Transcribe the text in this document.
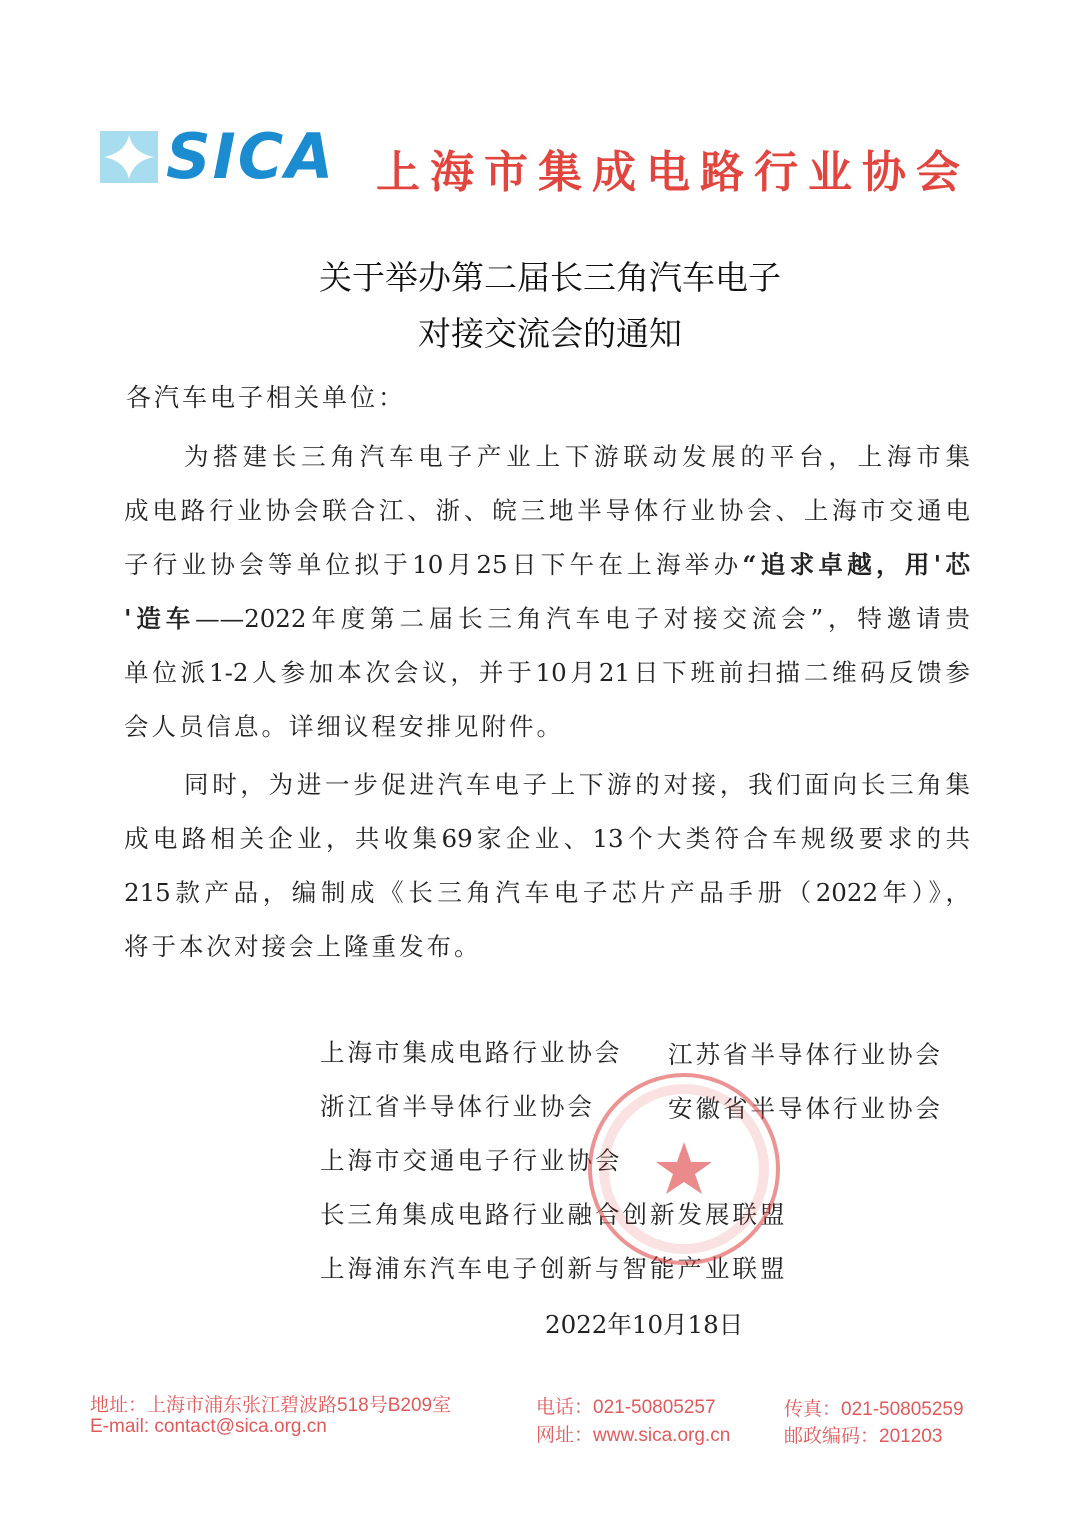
SICA 上海市集成电路行业协会
关于举办第二届长三角汽车电子
对接交流会的通知
各汽车电子相关单位：
为搭建长三角汽车电子产业上下游联动发展的平台，上海市集
成电路行业协会联合江、浙、皖三地半导体行业协会、上海市交通电
子行业协会等单位拟于10月25日下午在上海举办“追求卓越，用'芯
'造车——2022年度第二届长三角汽车电子对接交流会”，特邀请贵
单位派1-2人参加本次会议，并于10月21日下班前扫描二维码反馈参
会人员信息。详细议程安排见附件。
同时，为进一步促进汽车电子上下游的对接，我们面向长三角集
成电路相关企业，共收集69家企业、13个大类符合车规级要求的共
215款产品，编制成《长三角汽车电子芯片产品手册（2022年）》，
将于本次对接会上隆重发布。
上海市集成电路行业协会 江苏省半导体行业协会
浙江省半导体行业协会	安徽省半导体行业协会
上海市交通电子行业协会
长三角集成电路行业融合创新发展联盟
上海浦东汽车电子创新与智能产业联盟
2022年10月18日
地址：上海市浦东张江碧波路518号B209室
E-mail: contact@sica.org.cn
电话：021-50805257
网址：www.sica.org.cn
传真：021-50805259
邮政编码：201203
